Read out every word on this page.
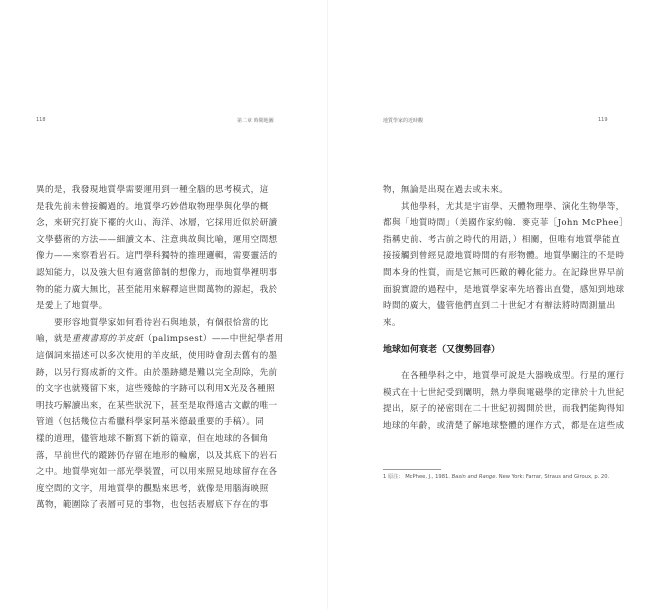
118	第二章 時間地圖
異的是，我發現地質學需要運用到一種全腦的思考模式，這
是我先前未曾接觸過的。地質學巧妙借取物理學與化學的概
念，來研究打旋下襬的火山、海洋、冰層，它採用近似於研讀
文學藝術的方法——細讀文本、注意典故與比喻，運用空間想
像力——來察看岩石。這門學科獨特的推理邏輯，需要靈活的
認知能力，以及強大但有適當節制的想像力，而地質學裡明事
物的能力廣大無比，甚至能用來解釋這世間萬物的源起，我於
是愛上了地質學。
要形容地質學家如何看待岩石與地景，有個很恰當的比
喻，就是重複書寫的羊皮紙（palimpsest）——中世紀學者用
這個詞來描述可以多次使用的羊皮紙，使用時會刮去舊有的墨
跡，以另行寫成新的文件。由於墨跡總是難以完全刮除，先前
的文字也就殘留下來，這些殘餘的字跡可以利用X光及各種照
明技巧解讀出來，在某些狀況下，甚至是取得遠古文獻的唯一
管道（包括幾位古希臘科學家阿基米德最重要的手稿）。同
樣的道理，儘管地球不斷寫下新的篇章，但在地球的各個角
落，早前世代的蹤跡仍存留在地形的輪廓，以及其底下的岩石
之中。地質學宛如一部光學裝置，可以用來照見地球留存在各
度空間的文字，用地質學的觀點來思考，就像是用腦海映照
萬物，範圍除了表層可見的事物，也包括表層底下存在的事
地質學家的近時觀	119
物，無論是出現在過去或未來。
其他學科，尤其是宇宙學、天體物理學、演化生物學等，
都與「地質時間」（美國作家約翰．麥克菲［John McPhee］
指稱史前、考古前之時代的用語，）相關，但唯有地質學能直
接接觸到曾經見證地質時間的有形物體。地質學關注的不是時
間本身的性質，而是它無可匹敵的轉化能力。在記錄世界早前
面貌實證的過程中，是地質學家率先培養出直覺，感知到地球
時間的廣大，儘管他們直到二十世紀才有辦法將時間測量出
來。
地球如何衰老（又復勢回春）
在各種學科之中，地質學可說是大器晚成型。行星的運行
模式在十七世紀受到闡明，熱力學與電磁學的定律於十九世紀
提出，原子的祕密則在二十世紀初揭開於世，而我們能夠得知
地球的年齡，或清楚了解地球整體的運作方式，都是在這些成
1 原注： McPhee, J., 1981. Basin and Range. New York: Farrar, Straus and Giroux, p. 20.
